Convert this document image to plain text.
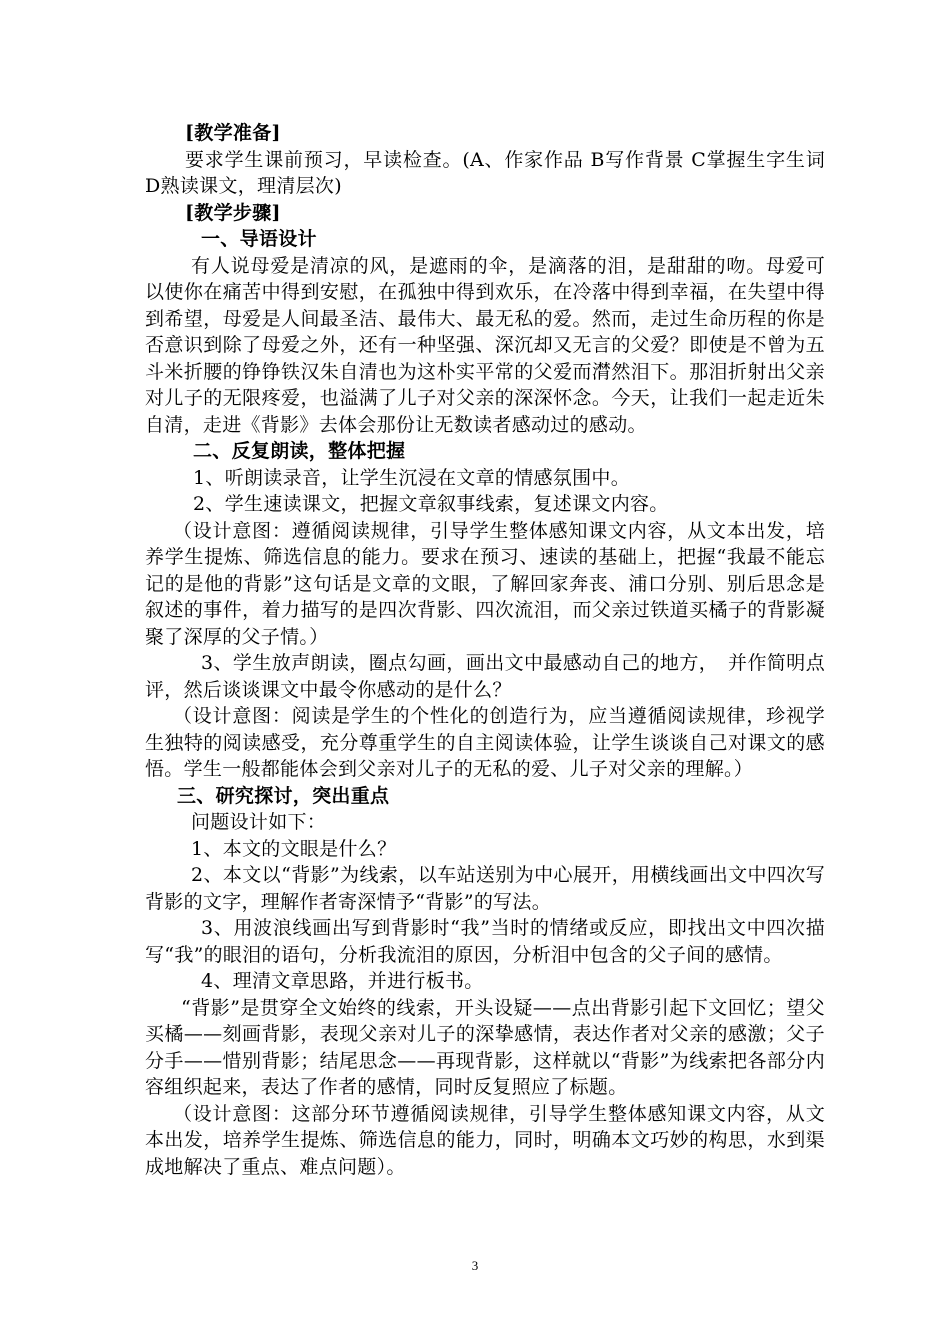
[教学准备]

要求学生课前预习，早读检查。(A、作家作品 B写作背景 C掌握生字生词 D熟读课文，理清层次)

[教学步骤]

一、导语设计

有人说母爱是清凉的风，是遮雨的伞，是滴落的泪，是甜甜的吻。母爱可以使你在痛苦中得到安慰，在孤独中得到欢乐，在冷落中得到幸福，在失望中得到希望，母爱是人间最圣洁、最伟大、最无私的爱。然而，走过生命历程的你是否意识到除了母爱之外，还有一种坚强、深沉却又无言的父爱？即使是不曾为五斗米折腰的铮铮铁汉朱自清也为这朴实平常的父爱而潸然泪下。那泪折射出父亲对儿子的无限疼爱，也溢满了儿子对父亲的深深怀念。今天，让我们一起走近朱自清，走进《背影》去体会那份让无数读者感动过的感动。

二、反复朗读，整体把握

1、听朗读录音，让学生沉浸在文章的情感氛围中。

2、学生速读课文，把握文章叙事线索，复述课文内容。

（设计意图：遵循阅读规律，引导学生整体感知课文内容，从文本出发，培养学生提炼、筛选信息的能力。要求在预习、速读的基础上，把握“我最不能忘记的是他的背影”这句话是文章的文眼，了解回家奔丧、浦口分别、别后思念是叙述的事件，着力描写的是四次背影、四次流泪，而父亲过铁道买橘子的背影凝聚了深厚的父子情。）

3、学生放声朗读，圈点勾画，画出文中最感动自己的地方，　并作简明点评，然后谈谈课文中最令你感动的是什么？

（设计意图：阅读是学生的个性化的创造行为，应当遵循阅读规律，珍视学生独特的阅读感受，充分尊重学生的自主阅读体验，让学生谈谈自己对课文的感悟。学生一般都能体会到父亲对儿子的无私的爱、儿子对父亲的理解。）

三、研究探讨，突出重点

问题设计如下：

1、本文的文眼是什么？

2、本文以“背影”为线索，以车站送别为中心展开，用横线画出文中四次写背影的文字，理解作者寄深情予“背影”的写法。

3、用波浪线画出写到背影时“我”当时的情绪或反应，即找出文中四次描写“我”的眼泪的语句，分析我流泪的原因，分析泪中包含的父子间的感情。

4、理清文章思路，并进行板书。

“背影”是贯穿全文始终的线索，开头设疑——点出背影引起下文回忆；望父买橘——刻画背影，表现父亲对儿子的深挚感情，表达作者对父亲的感激；父子分手——惜别背影；结尾思念——再现背影，这样就以“背影”为线索把各部分内容组织起来，表达了作者的感情，同时反复照应了标题。

（设计意图：这部分环节遵循阅读规律，引导学生整体感知课文内容，从文本出发，培养学生提炼、筛选信息的能力，同时，明确本文巧妙的构思，水到渠成地解决了重点、难点问题）。

3
